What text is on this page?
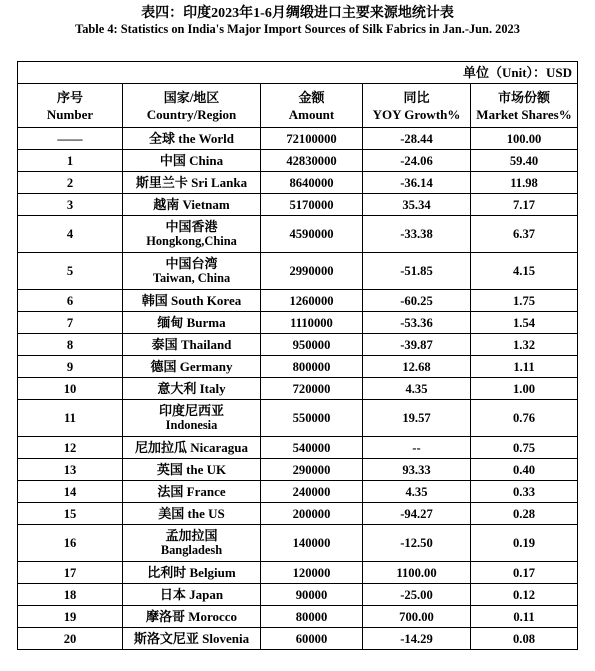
表四：印度2023年1-6月绸缎进口主要来源地统计表
Table 4: Statistics on India's Major Import Sources of Silk Fabrics in Jan.-Jun. 2023
单位（Unit）：USD				
序号
Number	国家/地区
Country/Region	金额
Amount	同比
YOY Growth%	市场份额
Market Shares%
——	全球 the World	72100000	-28.44	100.00
1	中国 China	42830000	-24.06	59.40
2	斯里兰卡 Sri Lanka	8640000	-36.14	11.98
3	越南 Vietnam	5170000	35.34	7.17
4	中国香港
Hongkong,China	4590000	-33.38	6.37
5	中国台湾
Taiwan, China	2990000	-51.85	4.15
6	韩国 South Korea	1260000	-60.25	1.75
7	缅甸 Burma	1110000	-53.36	1.54
8	泰国 Thailand	950000	-39.87	1.32
9	德国 Germany	800000	12.68	1.11
10	意大利 Italy	720000	4.35	1.00
11	印度尼西亚
Indonesia	550000	19.57	0.76
12	尼加拉瓜 Nicaragua	540000	--	0.75
13	英国 the UK	290000	93.33	0.40
14	法国 France	240000	4.35	0.33
15	美国 the US	200000	-94.27	0.28
16	孟加拉国
Bangladesh	140000	-12.50	0.19
17	比利时 Belgium	120000	1100.00	0.17
18	日本 Japan	90000	-25.00	0.12
19	摩洛哥 Morocco	80000	700.00	0.11
20	斯洛文尼亚 Slovenia	60000	-14.29	0.08
